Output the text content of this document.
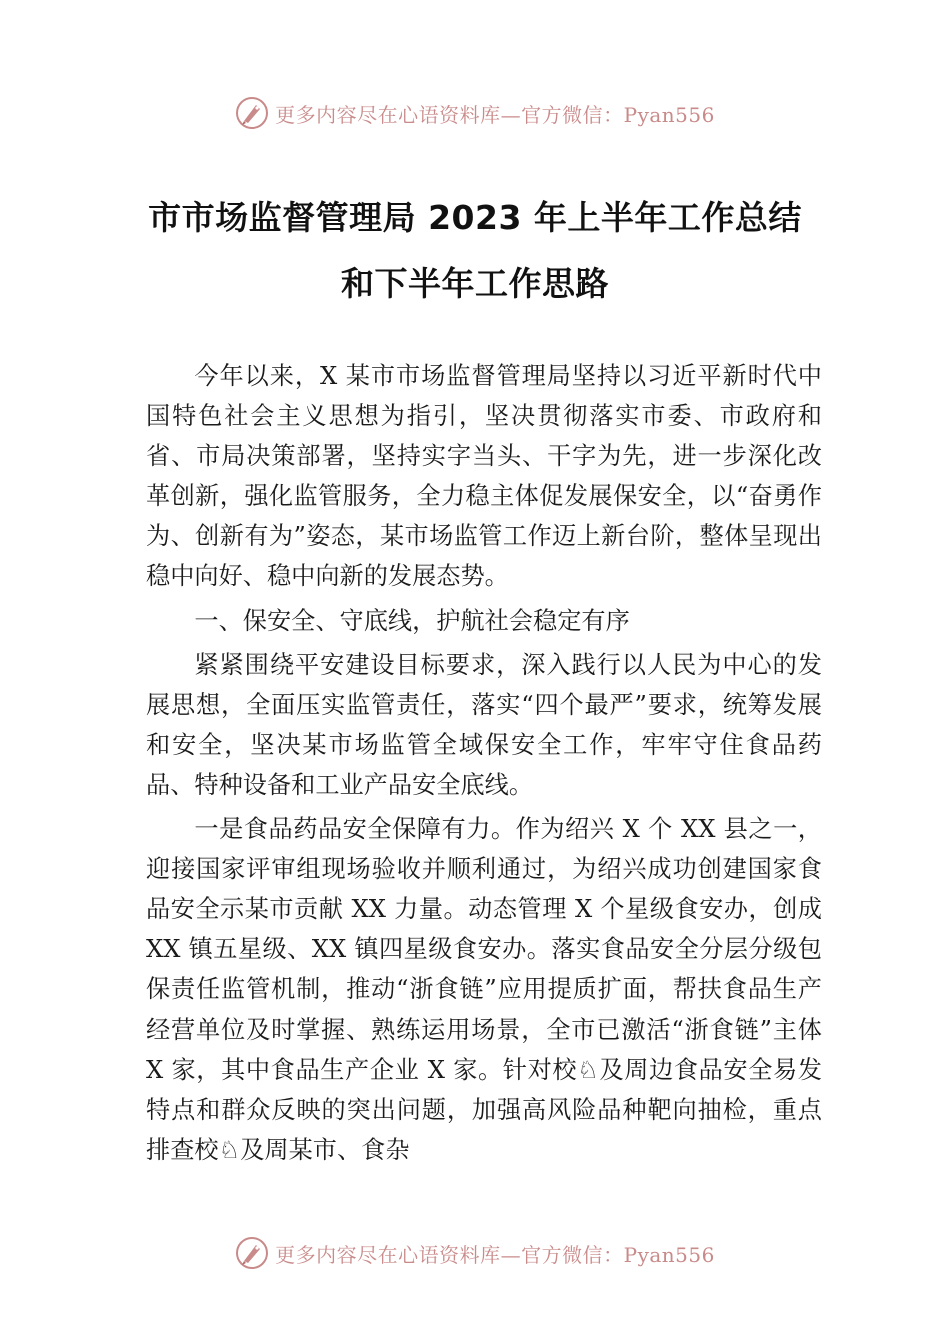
更多内容尽在心语资料库—官方微信：Pyan556
市市场监督管理局 2023 年上半年工作总结
和下半年工作思路

今年以来，X 某市市场监督管理局坚持以习近平新时代中国特色社会主义思想为指引，坚决贯彻落实市委、市政府和省、市局决策部署，坚持实字当头、干字为先，进一步深化改革创新，强化监管服务，全力稳主体促发展保安全，以“奋勇作为、创新有为”姿态，某市场监管工作迈上新台阶，整体呈现出稳中向好、稳中向新的发展态势。

一、保安全、守底线，护航社会稳定有序

紧紧围绕平安建设目标要求，深入践行以人民为中心的发展思想，全面压实监管责任，落实“四个最严”要求，统筹发展和安全，坚决某市场监管全域保安全工作，牢牢守住食品药品、特种设备和工业产品安全底线。

一是食品药品安全保障有力。作为绍兴 X 个 XX 县之一，迎接国家评审组现场验收并顺利通过，为绍兴成功创建国家食品安全示某市贡献 XX 力量。动态管理 X 个星级食安办，创成 XX 镇五星级、XX 镇四星级食安办。落实食品安全分层分级包保责任监管机制，推动“浙食链”应用提质扩面，帮扶食品生产经营单位及时掌握、熟练运用场景，全市已激活“浙食链”主体 X 家，其中食品生产企业 X 家。针对校♘及周边食品安全易发特点和群众反映的突出问题，加强高风险品种靶向抽检，重点排查校♘及周某市、食杂

更多内容尽在心语资料库—官方微信：Pyan556
